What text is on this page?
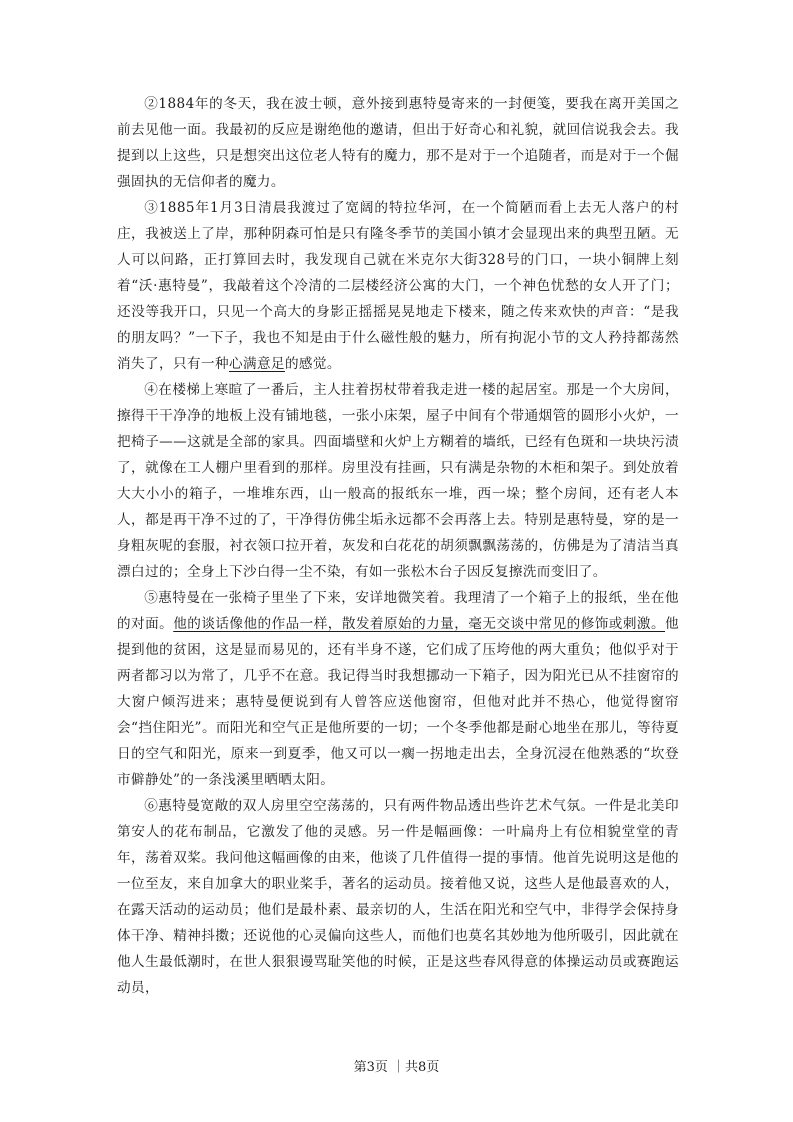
②1884年的冬天，我在波士顿，意外接到惠特曼寄来的一封便笺，要我在离开美国之前去见他一面。我最初的反应是谢绝他的邀请，但出于好奇心和礼貌，就回信说我会去。我提到以上这些，只是想突出这位老人特有的魔力，那不是对于一个追随者，而是对于一个倔强固执的无信仰者的魔力。

③1885年1月3日清晨我渡过了宽阔的特拉华河，在一个简陋而看上去无人落户的村庄，我被送上了岸，那种阴森可怕是只有隆冬季节的美国小镇才会显现出来的典型丑陋。无人可以问路，正打算回去时，我发现自己就在米克尔大街328号的门口，一块小铜牌上刻着“沃·惠特曼”，我敲着这个冷清的二层楼经济公寓的大门，一个神色忧愁的女人开了门；还没等我开口，只见一个高大的身影正摇摇晃晃地走下楼来，随之传来欢快的声音：“是我的朋友吗？”一下子，我也不知是由于什么磁性般的魅力，所有拘泥小节的文人矜持都荡然消失了，只有一种心满意足的感觉。

④在楼梯上寒暄了一番后，主人拄着拐杖带着我走进一楼的起居室。那是一个大房间，擦得干干净净的地板上没有铺地毯，一张小床架，屋子中间有个带通烟管的圆形小火炉，一把椅子——这就是全部的家具。四面墙壁和火炉上方糊着的墙纸，已经有色斑和一块块污渍了，就像在工人棚户里看到的那样。房里没有挂画，只有满是杂物的木柜和架子。到处放着大大小小的箱子，一堆堆东西，山一般高的报纸东一堆，西一垛；整个房间，还有老人本人，都是再干净不过的了，干净得仿佛尘垢永远都不会再落上去。特别是惠特曼，穿的是一身粗灰呢的套服，衬衣领口拉开着，灰发和白花花的胡须飘飘荡荡的，仿佛是为了清洁当真漂白过的；全身上下沙白得一尘不染，有如一张松木台子因反复擦洗而变旧了。

⑤惠特曼在一张椅子里坐了下来，安详地微笑着。我理清了一个箱子上的报纸，坐在他的对面。他的谈话像他的作品一样，散发着原始的力量，毫无交谈中常见的修饰或刺激。他提到他的贫困，这是显而易见的，还有半身不遂，它们成了压垮他的两大重负；他似乎对于两者都习以为常了，几乎不在意。我记得当时我想挪动一下箱子，因为阳光已从不挂窗帘的大窗户倾泻进来；惠特曼便说到有人曾答应送他窗帘，但他对此并不热心，他觉得窗帘会“挡住阳光”。而阳光和空气正是他所要的一切；一个冬季他都是耐心地坐在那儿，等待夏日的空气和阳光，原来一到夏季，他又可以一瘸一拐地走出去，全身沉浸在他熟悉的“坎登市僻静处”的一条浅溪里晒晒太阳。

⑥惠特曼宽敞的双人房里空空荡荡的，只有两件物品透出些许艺术气氛。一件是北美印第安人的花布制品，它激发了他的灵感。另一件是幅画像：一叶扁舟上有位相貌堂堂的青年，荡着双桨。我问他这幅画像的由来，他谈了几件值得一提的事情。他首先说明这是他的一位至友，来自加拿大的职业桨手，著名的运动员。接着他又说，这些人是他最喜欢的人，在露天活动的运动员；他们是最朴素、最亲切的人，生活在阳光和空气中，非得学会保持身体干净、精神抖擞；还说他的心灵偏向这些人，而他们也莫名其妙地为他所吸引，因此就在他人生最低潮时，在世人狠狠谩骂耻笑他的时候，正是这些春风得意的体操运动员或赛跑运动员，

第3页 ｜共8页
